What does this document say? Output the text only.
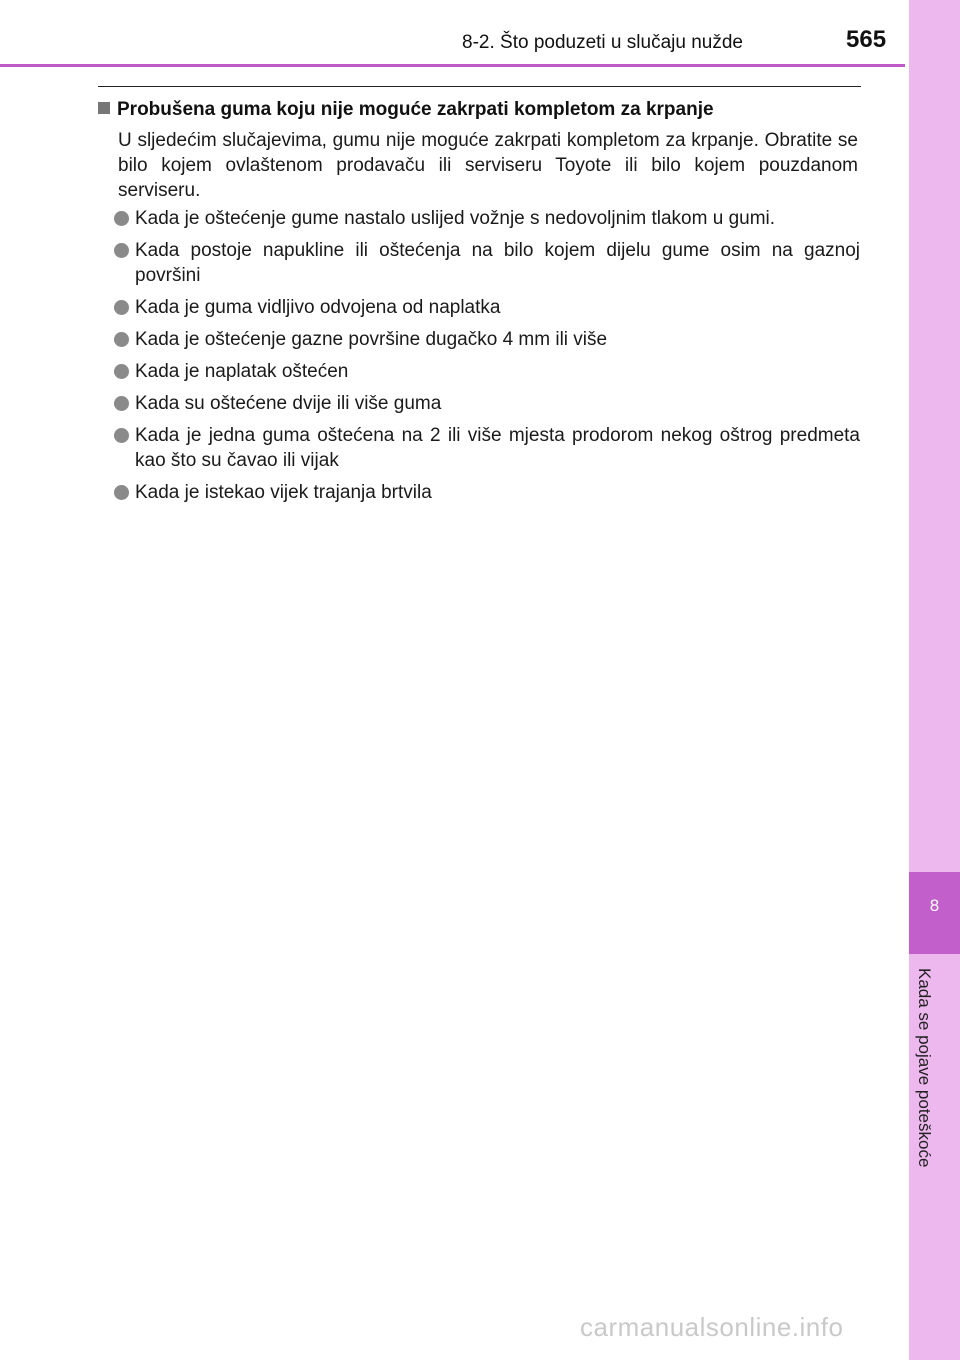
8-2. Što poduzeti u slučaju nužde	565
8
Kada se pojave poteškoće
Probušena guma koju nije moguće zakrpati kompletom za krpanje

U sljedećim slučajevima, gumu nije moguće zakrpati kompletom za krpanje. Obratite se bilo kojem ovlaštenom prodavaču ili serviseru Toyote ili bilo kojem pouzdanom serviseru.

Kada je oštećenje gume nastalo uslijed vožnje s nedovoljnim tlakom u gumi.
Kada postoje napukline ili oštećenja na bilo kojem dijelu gume osim na gaznoj površini
Kada je guma vidljivo odvojena od naplatka
Kada je oštećenje gazne površine dugačko 4 mm ili više
Kada je naplatak oštećen
Kada su oštećene dvije ili više guma
Kada je jedna guma oštećena na 2 ili više mjesta prodorom nekog oštrog predmeta kao što su čavao ili vijak
Kada je istekao vijek trajanja brtvila
carmanualsonline.info
